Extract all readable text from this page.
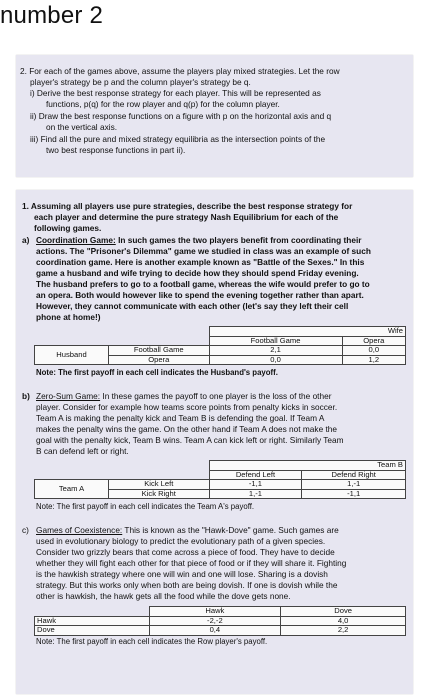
number 2
2. For each of the games above, assume the players play mixed strategies. Let the row
player's strategy be p and the column player's strategy be q.
i) Derive the best response strategy for each player. This will be represented as
functions, p(q) for the row player and q(p) for the column player.
ii) Draw the best response functions on a figure with p on the horizontal axis and q
on the vertical axis.
iii) Find all the pure and mixed strategy equilibria as the intersection points of the
two best response functions in part ii).
1. Assuming all players use pure strategies, describe the best response strategy for
each player and determine the pure strategy Nash Equilibrium for each of the
following games.
a) Coordination Game: In such games the two players benefit from coordinating their
actions. The "Prisoner's Dilemma" game we studied in class was an example of such
coordination game. Here is another example known as "Battle of the Sexes." In this
game a husband and wife trying to decide how they should spend Friday evening.
The husband prefers to go to a football game, whereas the wife would prefer to go to
an opera. Both would however like to spend the evening together rather than apart.
However, they cannot communicate with each other (let's say they left their cell
phone at home!)
		Wife	
		Football Game	Opera
Husband	Football Game	2,1	0,0
	Opera	0,0	1,2
Note: The first payoff in each cell indicates the Husband's payoff.
b) Zero-Sum Game: In these games the payoff to one player is the loss of the other
player. Consider for example how teams score points from penalty kicks in soccer.
Team A is making the penalty kick and Team B is defending the goal. If Team A
makes the penalty wins the game. On the other hand if Team A does not make the
goal with the penalty kick, Team B wins. Team A can kick left or right. Similarly Team
B can defend left or right.
		Team B	
		Defend Left	Defend Right
Team A	Kick Left	-1,1	1,-1
	Kick Right	1,-1	-1,1
Note: The first payoff in each cell indicates the Team A's payoff.
c) Games of Coexistence: This is known as the "Hawk-Dove" game. Such games are
used in evolutionary biology to predict the evolutionary path of a given species.
Consider two grizzly bears that come across a piece of food. They have to decide
whether they will fight each other for that piece of food or if they will share it. Fighting
is the hawkish strategy where one will win and one will lose. Sharing is a dovish
strategy. But this works only when both are being dovish. If one is dovish while the
other is hawkish, the hawk gets all the food while the dove gets none.
	Hawk	Dove
Hawk	-2,-2	4,0
Dove	0,4	2,2
Note: The first payoff in each cell indicates the Row player's payoff.
